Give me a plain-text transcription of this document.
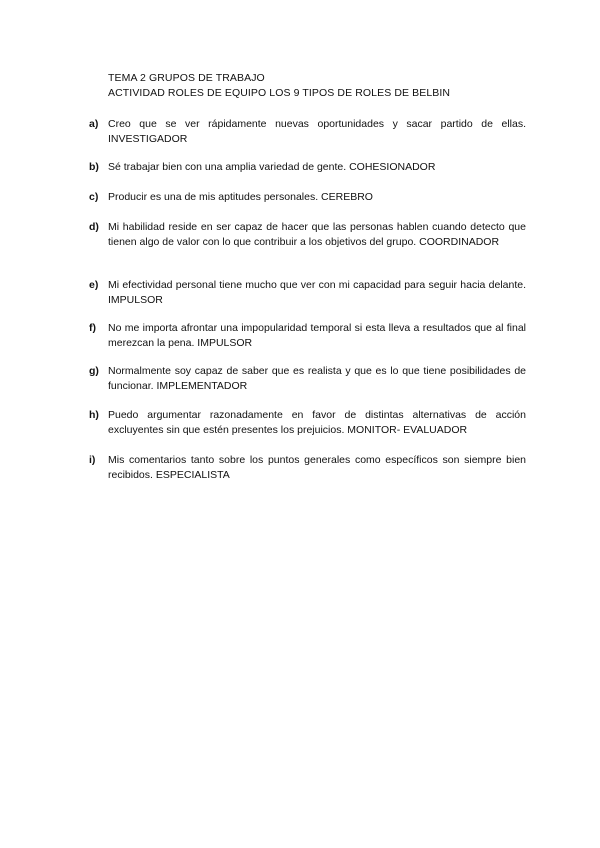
TEMA 2 GRUPOS DE TRABAJO
ACTIVIDAD ROLES DE EQUIPO LOS 9 TIPOS DE ROLES DE BELBIN
a) Creo que se ver rápidamente nuevas oportunidades y sacar partido de ellas. INVESTIGADOR
b) Sé trabajar bien con una amplia variedad de gente. COHESIONADOR
c) Producir es una de mis aptitudes personales. CEREBRO
d) Mi habilidad reside en ser capaz de hacer que las personas hablen cuando detecto que tienen algo de valor con lo que contribuir a los objetivos del grupo. COORDINADOR
e) Mi efectividad personal tiene mucho que ver con mi capacidad para seguir hacia delante. IMPULSOR
f) No me importa afrontar una impopularidad temporal si esta lleva a resultados que al final merezcan la pena. IMPULSOR
g) Normalmente soy capaz de saber que es realista y que es lo que tiene posibilidades de funcionar. IMPLEMENTADOR
h) Puedo argumentar razonadamente en favor de distintas alternativas de acción excluyentes sin que estén presentes los prejuicios. MONITOR- EVALUADOR
i) Mis comentarios tanto sobre los puntos generales como específicos son siempre bien recibidos. ESPECIALISTA
